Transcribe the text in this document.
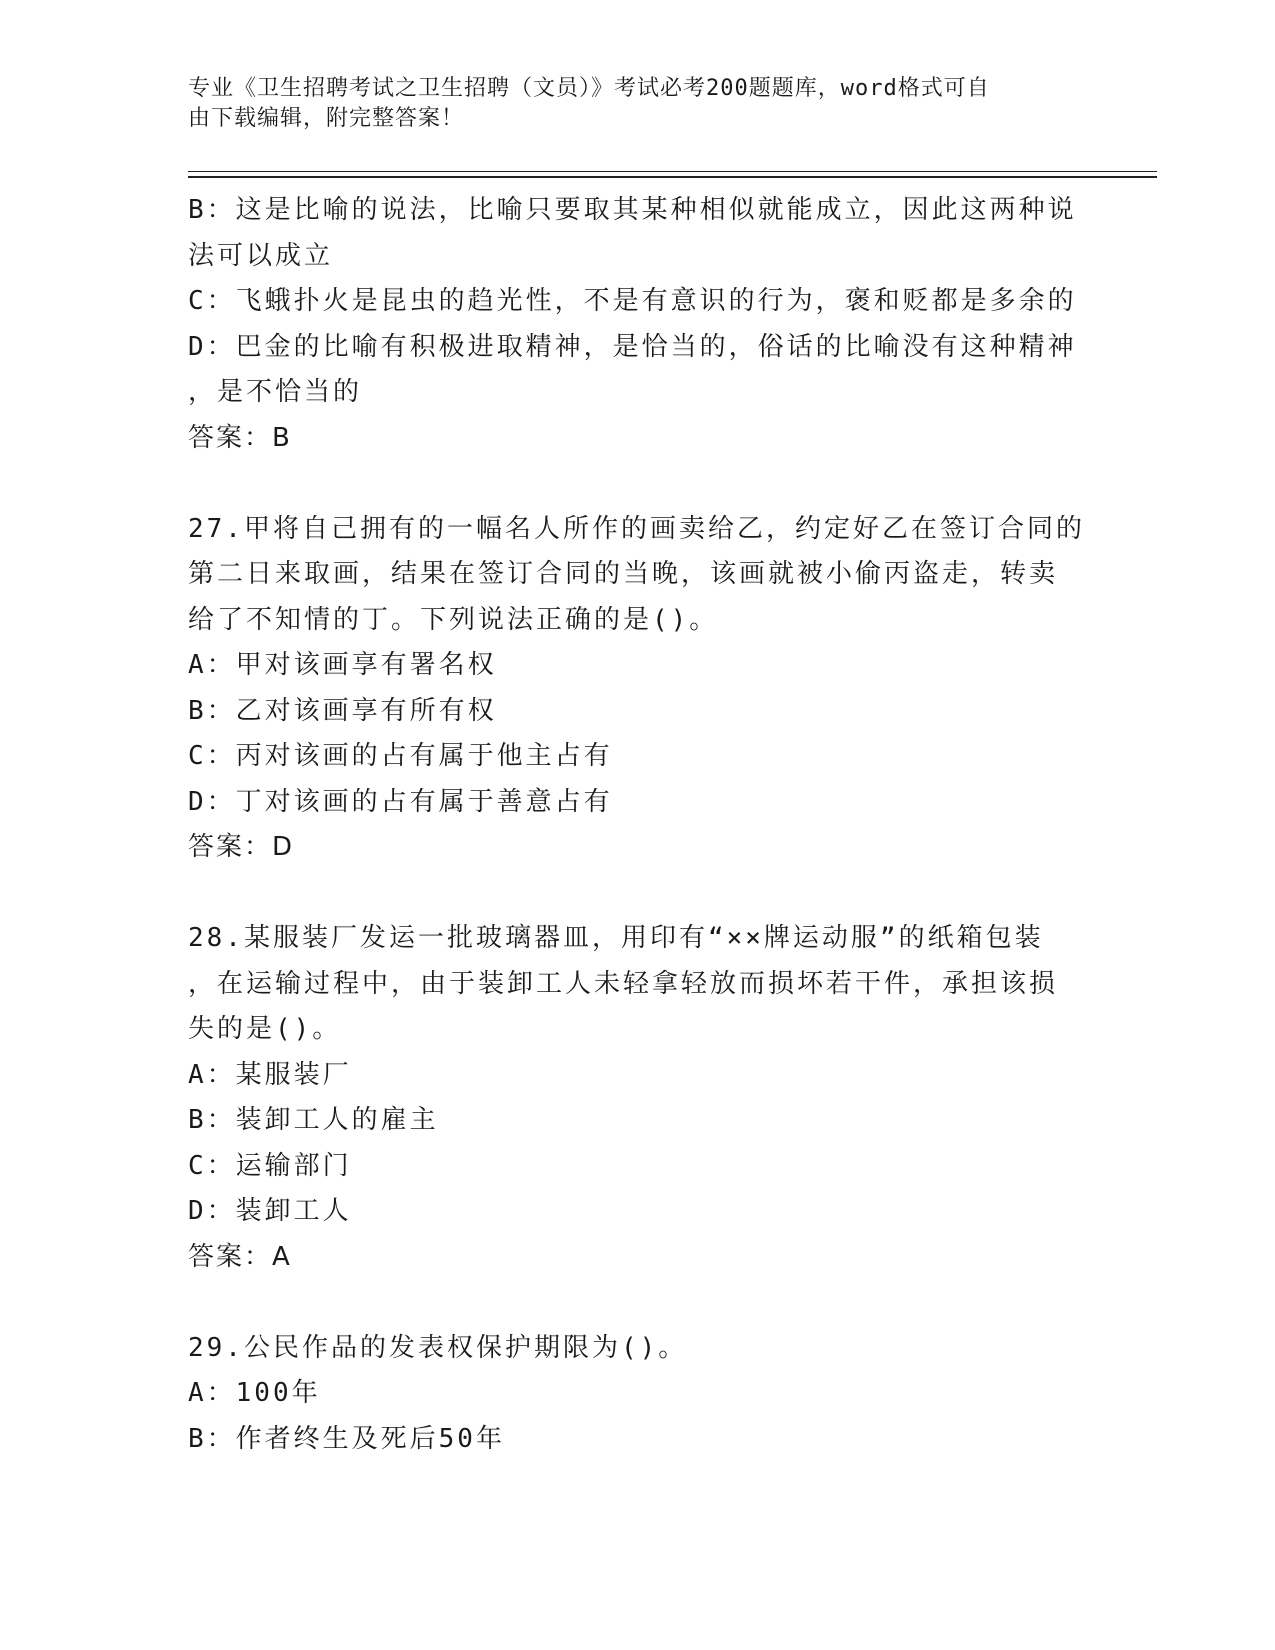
专业《卫生招聘考试之卫生招聘（文员）》考试必考200题题库，word格式可自
由下载编辑，附完整答案！
B：这是比喻的说法，比喻只要取其某种相似就能成立，因此这两种说
法可以成立
C：飞蛾扑火是昆虫的趋光性，不是有意识的行为，褒和贬都是多余的
D：巴金的比喻有积极进取精神，是恰当的，俗话的比喻没有这种精神
，是不恰当的
答案：B
27.甲将自己拥有的一幅名人所作的画卖给乙，约定好乙在签订合同的
第二日来取画，结果在签订合同的当晚，该画就被小偷丙盗走，转卖
给了不知情的丁。下列说法正确的是()。
A：甲对该画享有署名权
B：乙对该画享有所有权
C：丙对该画的占有属于他主占有
D：丁对该画的占有属于善意占有
答案：D
28.某服装厂发运一批玻璃器皿，用印有“××牌运动服”的纸箱包装
，在运输过程中，由于装卸工人未轻拿轻放而损坏若干件，承担该损
失的是()。
A：某服装厂
B：装卸工人的雇主
C：运输部门
D：装卸工人
答案：A
29.公民作品的发表权保护期限为()。
A：100年
B：作者终生及死后50年
